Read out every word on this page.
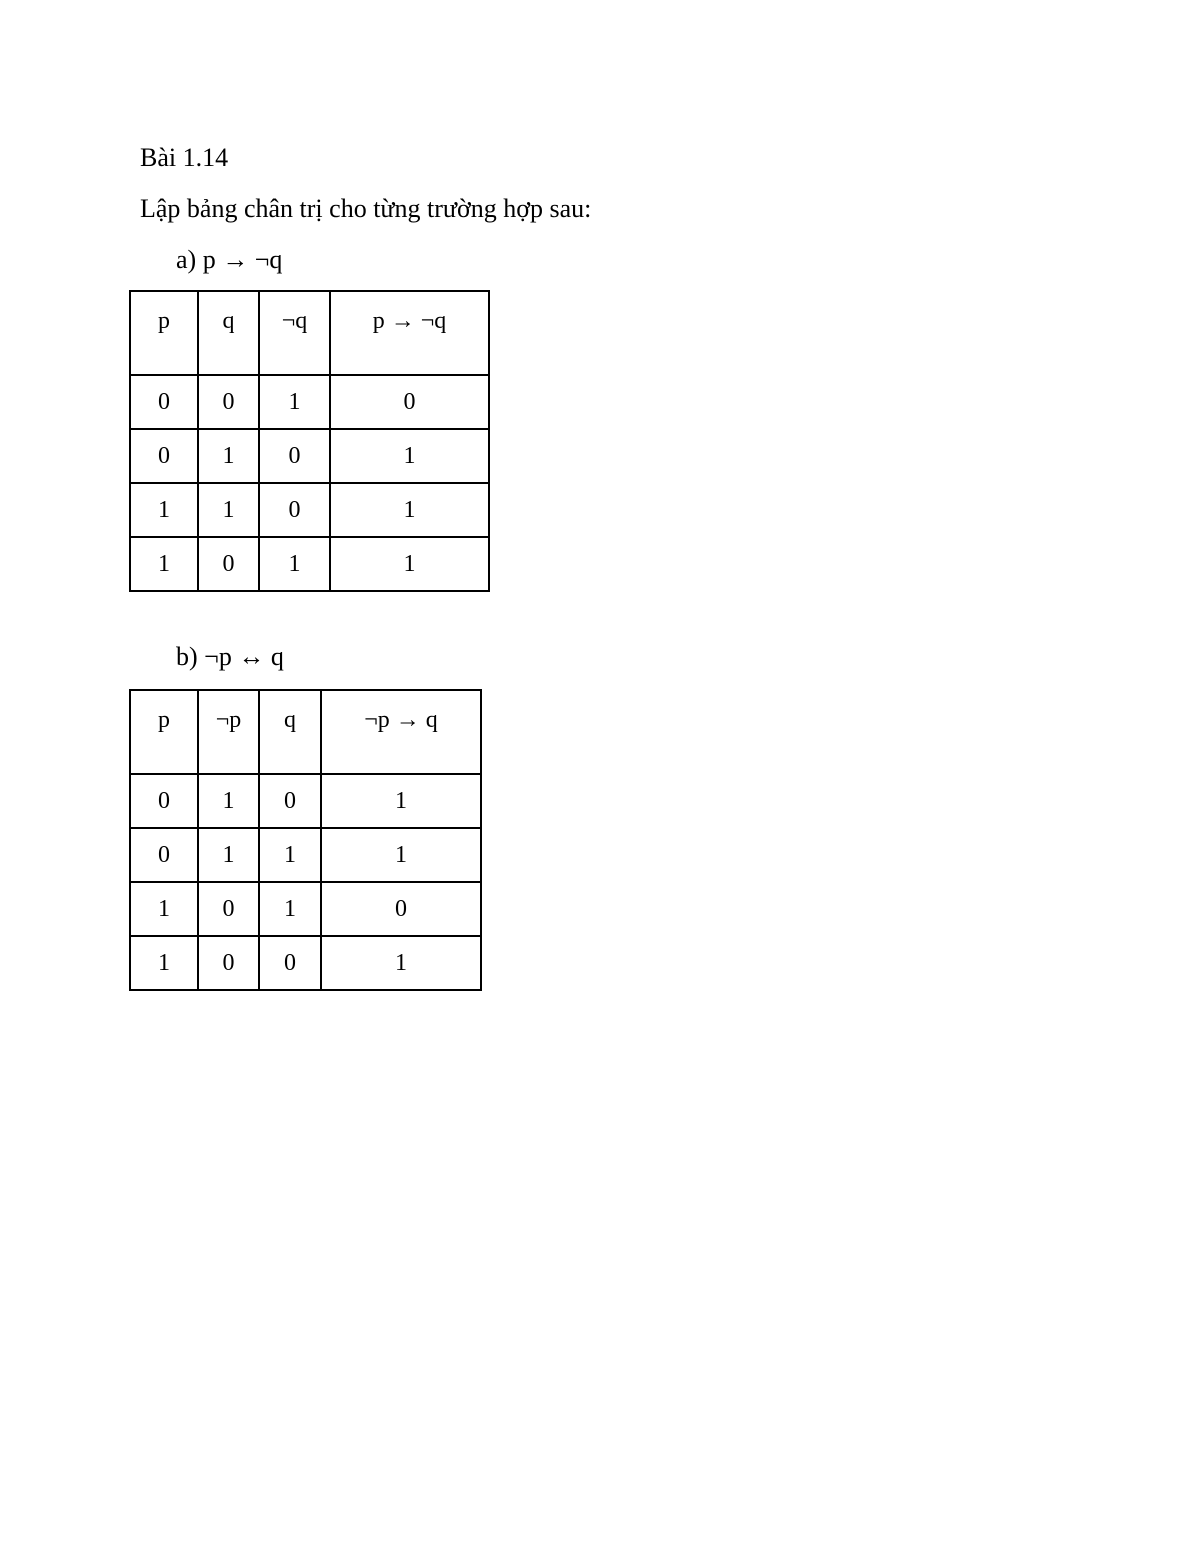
Bài 1.14
Lập bảng chân trị cho từng trường hợp sau:
a) p → ¬q
p	q	¬q	p → ¬q
0	0	1	0
0	1	0	1
1	1	0	1
1	0	1	1
b) ¬p ↔ q
p	¬p	q	¬p → q
0	1	0	1
0	1	1	1
1	0	1	0
1	0	0	1
